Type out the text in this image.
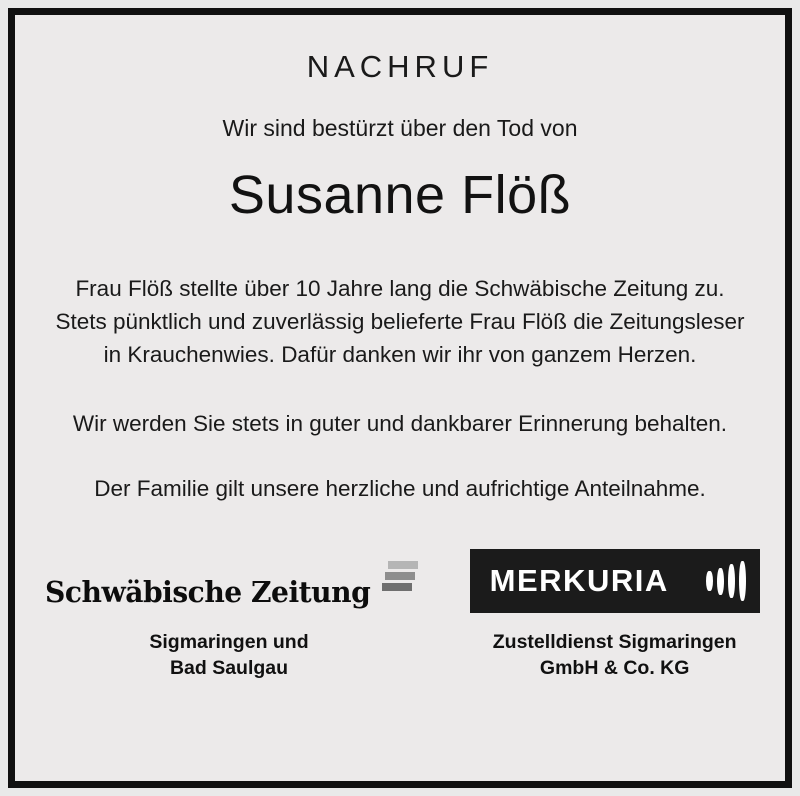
NACHRUF
Wir sind bestürzt über den Tod von
Susanne Flöß
Frau Flöß stellte über 10 Jahre lang die Schwäbische Zeitung zu. Stets pünktlich und zuverlässig belieferte Frau Flöß die Zeitungsleser in Krauchenwies. Dafür danken wir ihr von ganzem Herzen.
Wir werden Sie stets in guter und dankbarer Erinnerung behalten.
Der Familie gilt unsere herzliche und aufrichtige Anteilnahme.
Schwäbische Zeitung
Sigmaringen und
Bad Saulgau
MERKURIA
Zustelldienst Sigmaringen
GmbH & Co. KG
